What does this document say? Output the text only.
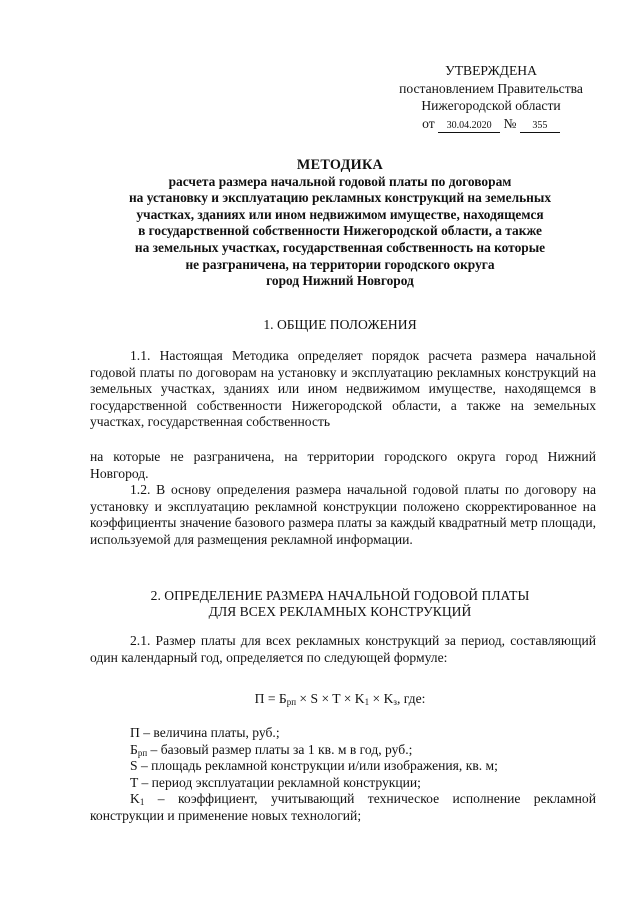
УТВЕРЖДЕНА
постановлением Правительства
Нижегородской области
от 30.04.2020 № 355
МЕТОДИКА
расчета размера начальной годовой платы по договорам
на установку и эксплуатацию рекламных конструкций на земельных
участках, зданиях или ином недвижимом имуществе, находящемся
в государственной собственности Нижегородской области, а также
на земельных участках, государственная собственность на которые
не разграничена, на территории городского округа
город Нижний Новгород
1. ОБЩИЕ ПОЛОЖЕНИЯ
1.1. Настоящая Методика определяет порядок расчета размера начальной годовой платы по договорам на установку и эксплуатацию рекламных конструкций на земельных участках, зданиях или ином недвижимом имуществе, находящемся в государственной собственности Нижегородской области, а также на земельных участках, государственная собственность
на которые не разграничена, на территории городского округа город Нижний Новгород.
1.2. В основу определения размера начальной годовой платы по договору на установку и эксплуатацию рекламной конструкции положено скорректированное на коэффициенты значение базового размера платы за каждый квадратный метр площади, используемой для размещения рекламной информации.
2. ОПРЕДЕЛЕНИЕ РАЗМЕРА НАЧАЛЬНОЙ ГОДОВОЙ ПЛАТЫ
ДЛЯ ВСЕХ РЕКЛАМНЫХ КОНСТРУКЦИЙ
2.1. Размер платы для всех рекламных конструкций за период, составляющий один календарный год, определяется по следующей формуле:
$П = Б_{рп} \times S \times T \times K_1 \times K_з$, где:

П – величина платы, руб.;

$Б_{рп}$ – базовый размер платы за 1 кв. м в год, руб.;

S – площадь рекламной конструкции и/или изображения, кв. м;

T – период эксплуатации рекламной конструкции;

$K_1$ – коэффициент, учитывающий техническое исполнение рекламной конструкции и применение новых технологий;
